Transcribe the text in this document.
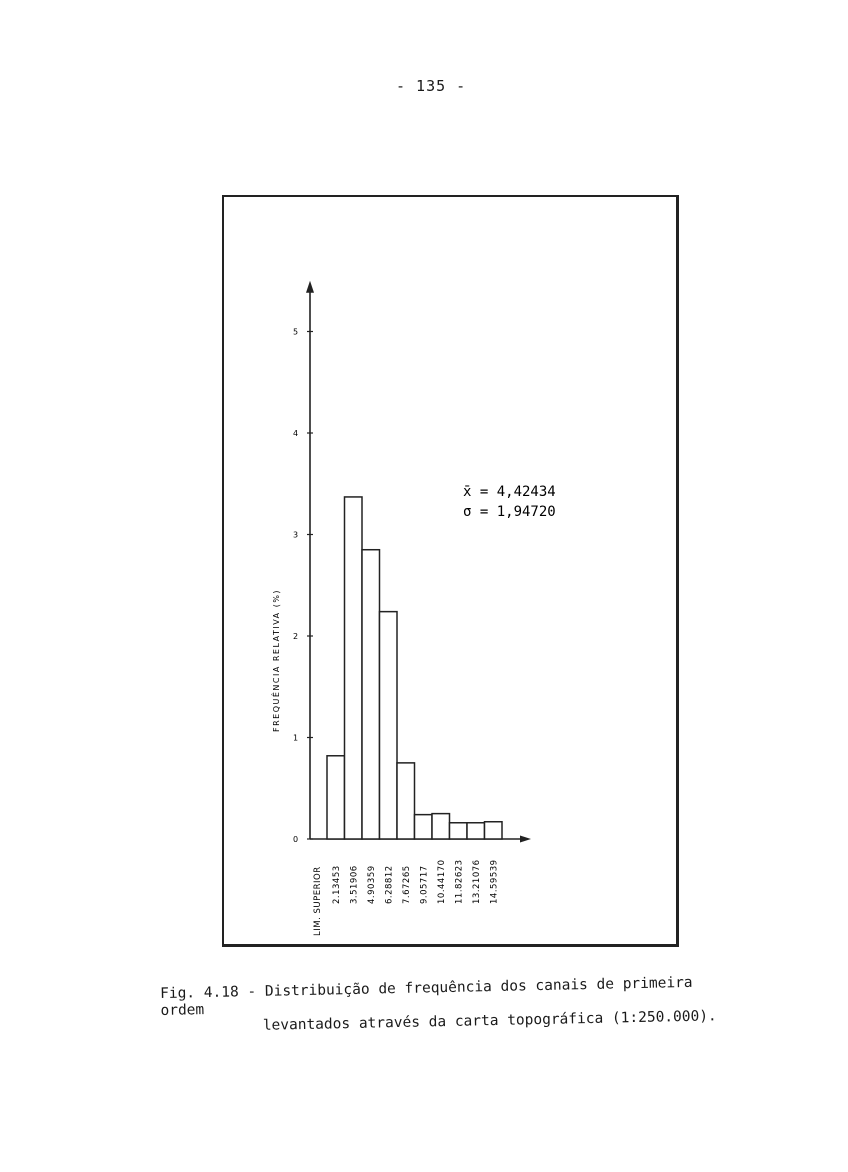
- 135 -
0
1
2
3
4
5
2.13453 3.51906 4.90359 6.28812 7.67265 9.05717 10.44170 11.82623 13.21076 14.59539
FREQUÊNCIA RELATIVA (%)
LIM. SUPERIOR
x̄ = 4,42434
σ = 1,94720
Fig. 4.18 - Distribuição de frequência dos canais de primeira ordem	levantados através da carta topográfica (1:250.000).
